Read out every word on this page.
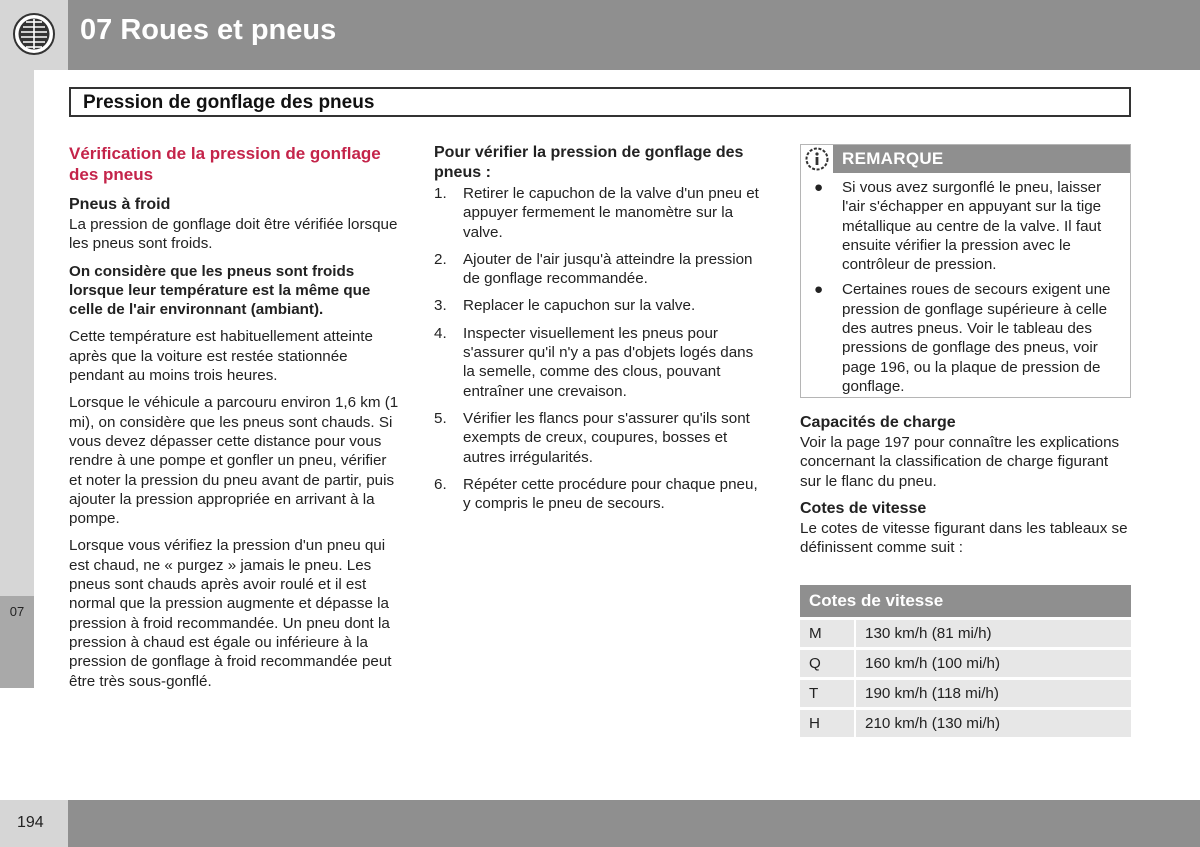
07 Roues et pneus
07
Pression de gonflage des pneus
Vérification de la pression de gonflage des pneus
Pneus à froid

La pression de gonflage doit être vérifiée lorsque les pneus sont froids.

On considère que les pneus sont froids lorsque leur température est la même que celle de l'air environnant (ambiant).

Cette température est habituellement atteinte après que la voiture est restée stationnée pendant au moins trois heures.

Lorsque le véhicule a parcouru environ 1,6 km (1 mi), on considère que les pneus sont chauds. Si vous devez dépasser cette distance pour vous rendre à une pompe et gonfler un pneu, vérifier et noter la pression du pneu avant de partir, puis ajouter la pression appropriée en arrivant à la pompe.

Lorsque vous vérifiez la pression d'un pneu qui est chaud, ne « purgez » jamais le pneu. Les pneus sont chauds après avoir roulé et il est normal que la pression augmente et dépasse la pression à froid recommandée. Un pneu dont la pression à chaud est égale ou inférieure à la pression de gonflage à froid recommandée peut être très sous-gonflé.

Pour vérifier la pression de gonflage des pneus :
1. Retirer le capuchon de la valve d'un pneu et appuyer fermement le manomètre sur la valve.
2. Ajouter de l'air jusqu'à atteindre la pression de gonflage recommandée.
3. Replacer le capuchon sur la valve.
4. Inspecter visuellement les pneus pour s'assurer qu'il n'y a pas d'objets logés dans la semelle, comme des clous, pouvant entraîner une crevaison.
5. Vérifier les flancs pour s'assurer qu'ils sont exempts de creux, coupures, bosses et autres irrégularités.
6. Répéter cette procédure pour chaque pneu, y compris le pneu de secours.
REMARQUE
● Si vous avez surgonflé le pneu, laisser l'air s'échapper en appuyant sur la tige métallique au centre de la valve. Il faut ensuite vérifier la pression avec le contrôleur de pression.
● Certaines roues de secours exigent une pression de gonflage supérieure à celle des autres pneus. Voir le tableau des pressions de gonflage des pneus, voir page 196, ou la plaque de pression de gonflage.
Capacités de charge

Voir la page 197 pour connaître les explications concernant la classification de charge figurant sur le flanc du pneu.

Cotes de vitesse

Le cotes de vitesse figurant dans les tableaux se définissent comme suit :

Cotes de vitesse	
M	130 km/h (81 mi/h)
Q	160 km/h (100 mi/h)
T	190 km/h (118 mi/h)
H	210 km/h (130 mi/h)
194
